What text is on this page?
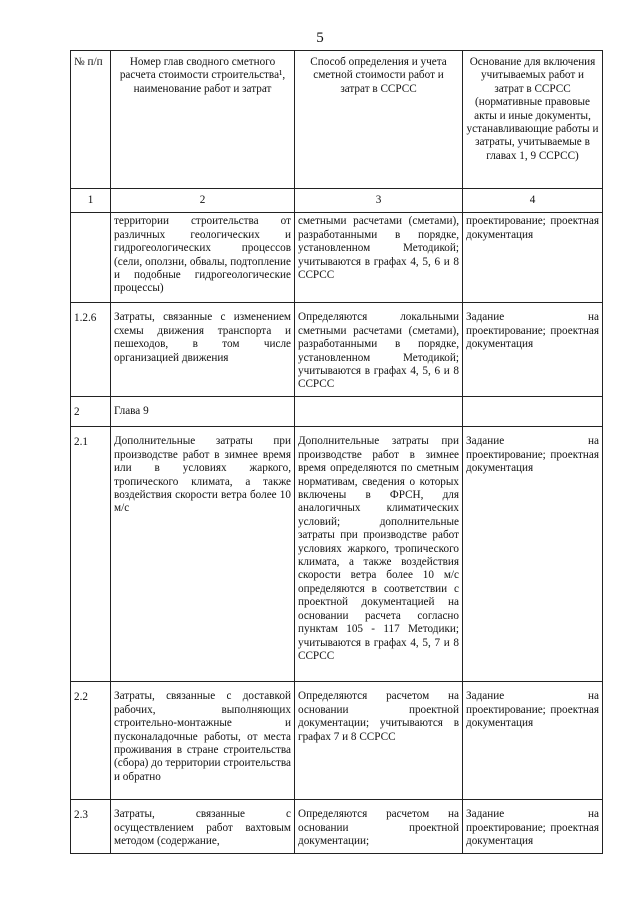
5
№ п/п	Номер глав сводного сметного расчета стоимости строительства¹, наименование работ и затрат	Способ определения и учета сметной стоимости работ и затрат в ССРСС	Основание для включения учитываемых работ и затрат в ССРСС (нормативные правовые акты и иные документы, устанавливающие работы и затраты, учитываемые в главах 1, 9 ССРСС)
1	2	3	4
	территории строительства от различных геологических и гидрогеологических процессов (сели, оползни, обвалы, подтопление и подобные гидрогеологические процессы)	сметными расчетами (сметами), разработанными в порядке, установленном Методикой; учитываются в графах 4, 5, 6 и 8 ССРСС	проектирование; проектная документация
1.2.6	Затраты, связанные с изменением схемы движения транспорта и пешеходов, в том числе организацией движения	Определяются локальными сметными расчетами (сметами), разработанными в порядке, установленном Методикой; учитываются в графах 4, 5, 6 и 8 ССРСС	Задание на проектирование; проектная документация
2	Глава 9		
2.1	Дополнительные затраты при производстве работ в зимнее время или в условиях жаркого, тропического климата, а также воздействия скорости ветра более 10 м/с	Дополнительные затраты при производстве работ в зимнее время определяются по сметным нормативам, сведения о которых включены в ФРСН, для аналогичных климатических условий; дополнительные затраты при производстве работ условиях жаркого, тропического климата, а также воздействия скорости ветра более 10 м/с определяются в соответствии с проектной документацией на основании расчета согласно пунктам 105 - 117 Методики; учитываются в графах 4, 5, 7 и 8 ССРСС	Задание на проектирование; проектная документация
2.2	Затраты, связанные с доставкой рабочих, выполняющих строительно-монтажные и пусконаладочные работы, от места проживания в стране строительства (сбора) до территории строительства и обратно	Определяются расчетом на основании проектной документации; учитываются в графах 7 и 8 ССРСС	Задание на проектирование; проектная документация
2.3	Затраты, связанные с осуществлением работ вахтовым методом (содержание,	Определяются расчетом на основании проектной документации;	Задание на проектирование; проектная документация
